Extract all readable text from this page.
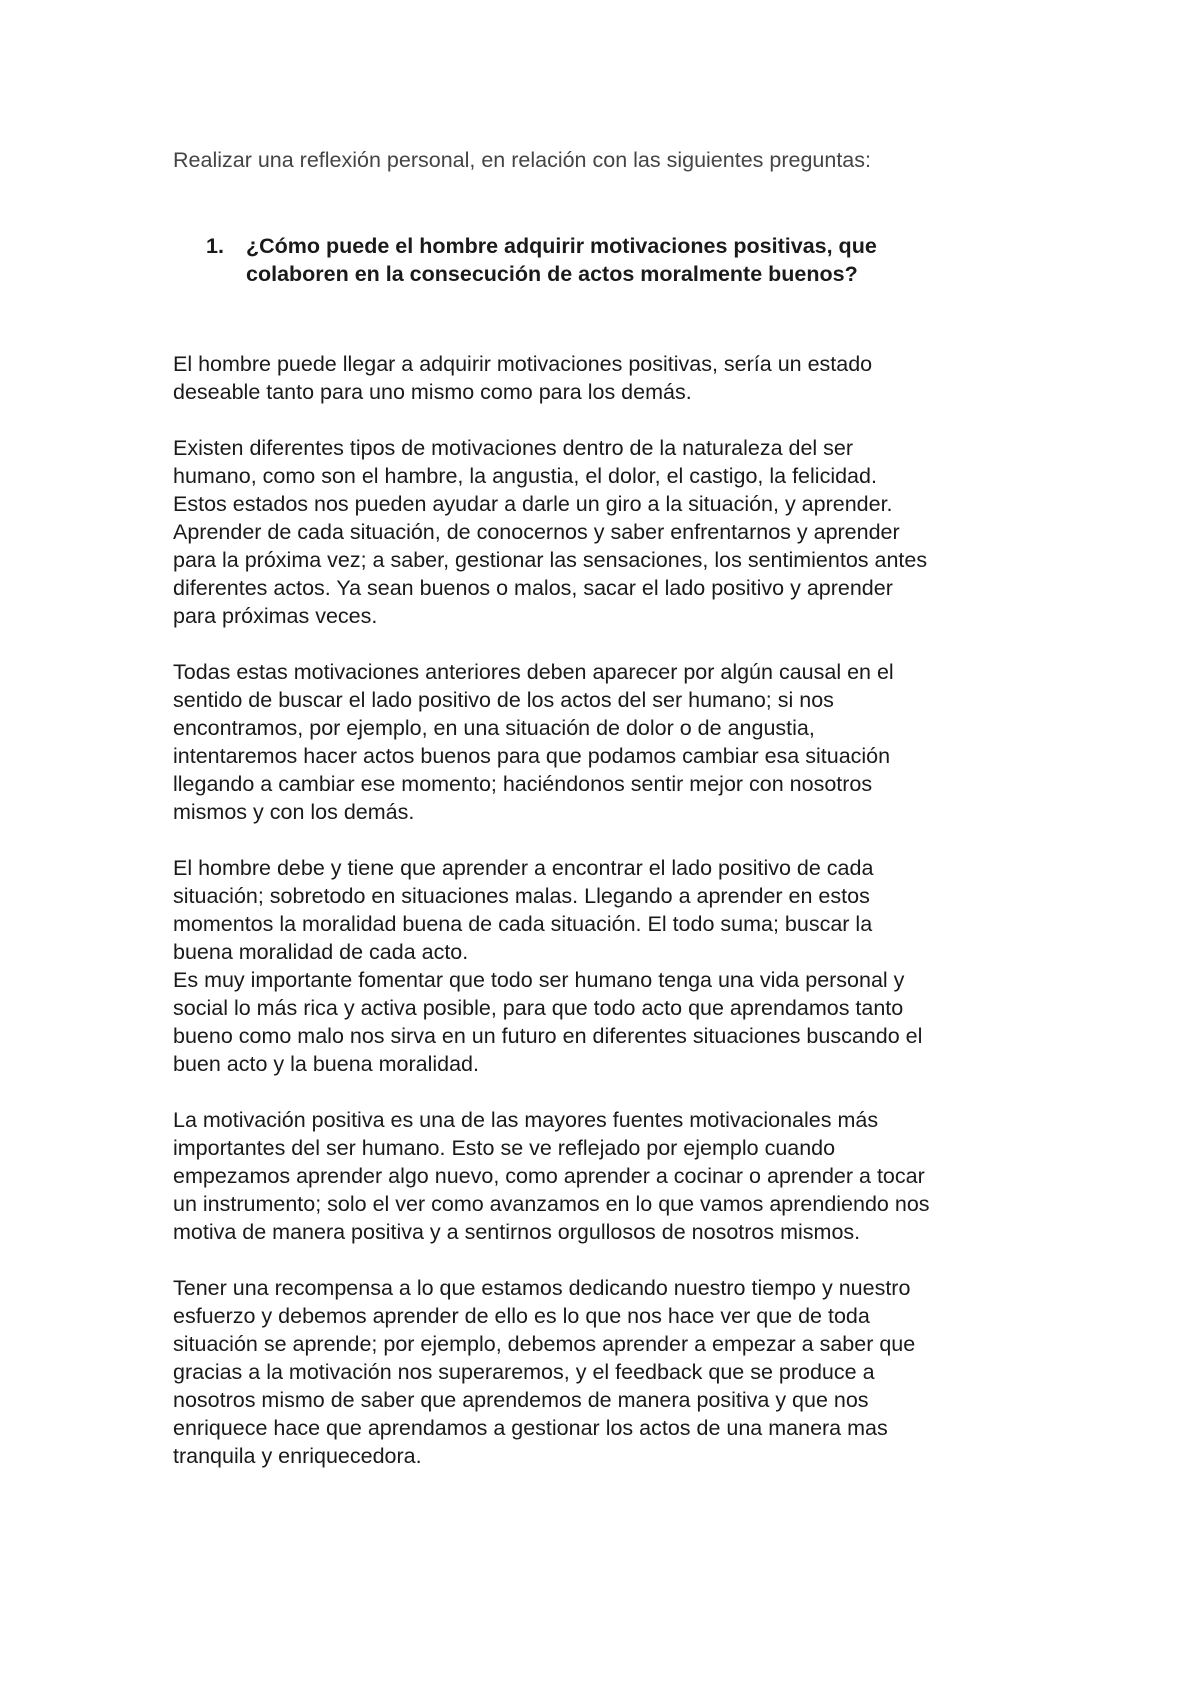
Realizar una reflexión personal, en relación con las siguientes preguntas:

1. ¿Cómo puede el hombre adquirir motivaciones positivas, que
colaboren en la consecución de actos moralmente buenos?

El hombre puede llegar a adquirir motivaciones positivas, sería un estado
deseable tanto para uno mismo como para los demás.

Existen diferentes tipos de motivaciones dentro de la naturaleza del ser
humano, como son el hambre, la angustia, el dolor, el castigo, la felicidad.
Estos estados nos pueden ayudar a darle un giro a la situación, y aprender.
Aprender de cada situación, de conocernos y saber enfrentarnos y aprender
para la próxima vez; a saber, gestionar las sensaciones, los sentimientos antes
diferentes actos. Ya sean buenos o malos, sacar el lado positivo y aprender
para próximas veces.

Todas estas motivaciones anteriores deben aparecer por algún causal en el
sentido de buscar el lado positivo de los actos del ser humano; si nos
encontramos, por ejemplo, en una situación de dolor o de angustia,
intentaremos hacer actos buenos para que podamos cambiar esa situación
llegando a cambiar ese momento; haciéndonos sentir mejor con nosotros
mismos y con los demás.

El hombre debe y tiene que aprender a encontrar el lado positivo de cada
situación; sobretodo en situaciones malas. Llegando a aprender en estos
momentos la moralidad buena de cada situación. El todo suma; buscar la
buena moralidad de cada acto.

Es muy importante fomentar que todo ser humano tenga una vida personal y
social lo más rica y activa posible, para que todo acto que aprendamos tanto
bueno como malo nos sirva en un futuro en diferentes situaciones buscando el
buen acto y la buena moralidad.

La motivación positiva es una de las mayores fuentes motivacionales más
importantes del ser humano. Esto se ve reflejado por ejemplo cuando
empezamos aprender algo nuevo, como aprender a cocinar o aprender a tocar
un instrumento; solo el ver como avanzamos en lo que vamos aprendiendo nos
motiva de manera positiva y a sentirnos orgullosos de nosotros mismos.

Tener una recompensa a lo que estamos dedicando nuestro tiempo y nuestro
esfuerzo y debemos aprender de ello es lo que nos hace ver que de toda
situación se aprende; por ejemplo, debemos aprender a empezar a saber que
gracias a la motivación nos superaremos, y el feedback que se produce a
nosotros mismo de saber que aprendemos de manera positiva y que nos
enriquece hace que aprendamos a gestionar los actos de una manera mas
tranquila y enriquecedora.
